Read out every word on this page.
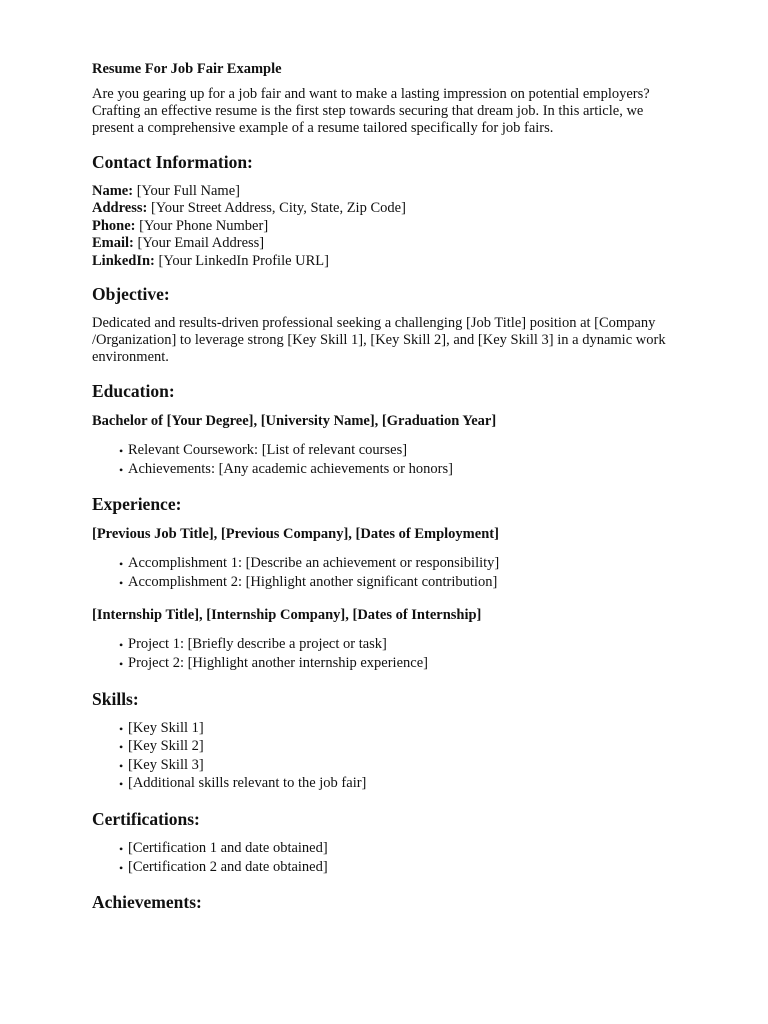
Resume For Job Fair Example
Are you gearing up for a job fair and want to make a lasting impression on potential employers?
Crafting an effective resume is the first step towards securing that dream job. In this article, we
present a comprehensive example of a resume tailored specifically for job fairs.
Contact Information:
Name: [Your Full Name]
Address: [Your Street Address, City, State, Zip Code]
Phone: [Your Phone Number]
Email: [Your Email Address]
LinkedIn: [Your LinkedIn Profile URL]
Objective:
Dedicated and results-driven professional seeking a challenging [Job Title] position at [Company
/Organization] to leverage strong [Key Skill 1], [Key Skill 2], and [Key Skill 3] in a dynamic work
environment.
Education:
Bachelor of [Your Degree], [University Name], [Graduation Year]
• Relevant Coursework: [List of relevant courses]
• Achievements: [Any academic achievements or honors]
Experience:
[Previous Job Title], [Previous Company], [Dates of Employment]
• Accomplishment 1: [Describe an achievement or responsibility]
• Accomplishment 2: [Highlight another significant contribution]
[Internship Title], [Internship Company], [Dates of Internship]
• Project 1: [Briefly describe a project or task]
• Project 2: [Highlight another internship experience]
Skills:
• [Key Skill 1]
• [Key Skill 2]
• [Key Skill 3]
• [Additional skills relevant to the job fair]
Certifications:
• [Certification 1 and date obtained]
• [Certification 2 and date obtained]
Achievements:
